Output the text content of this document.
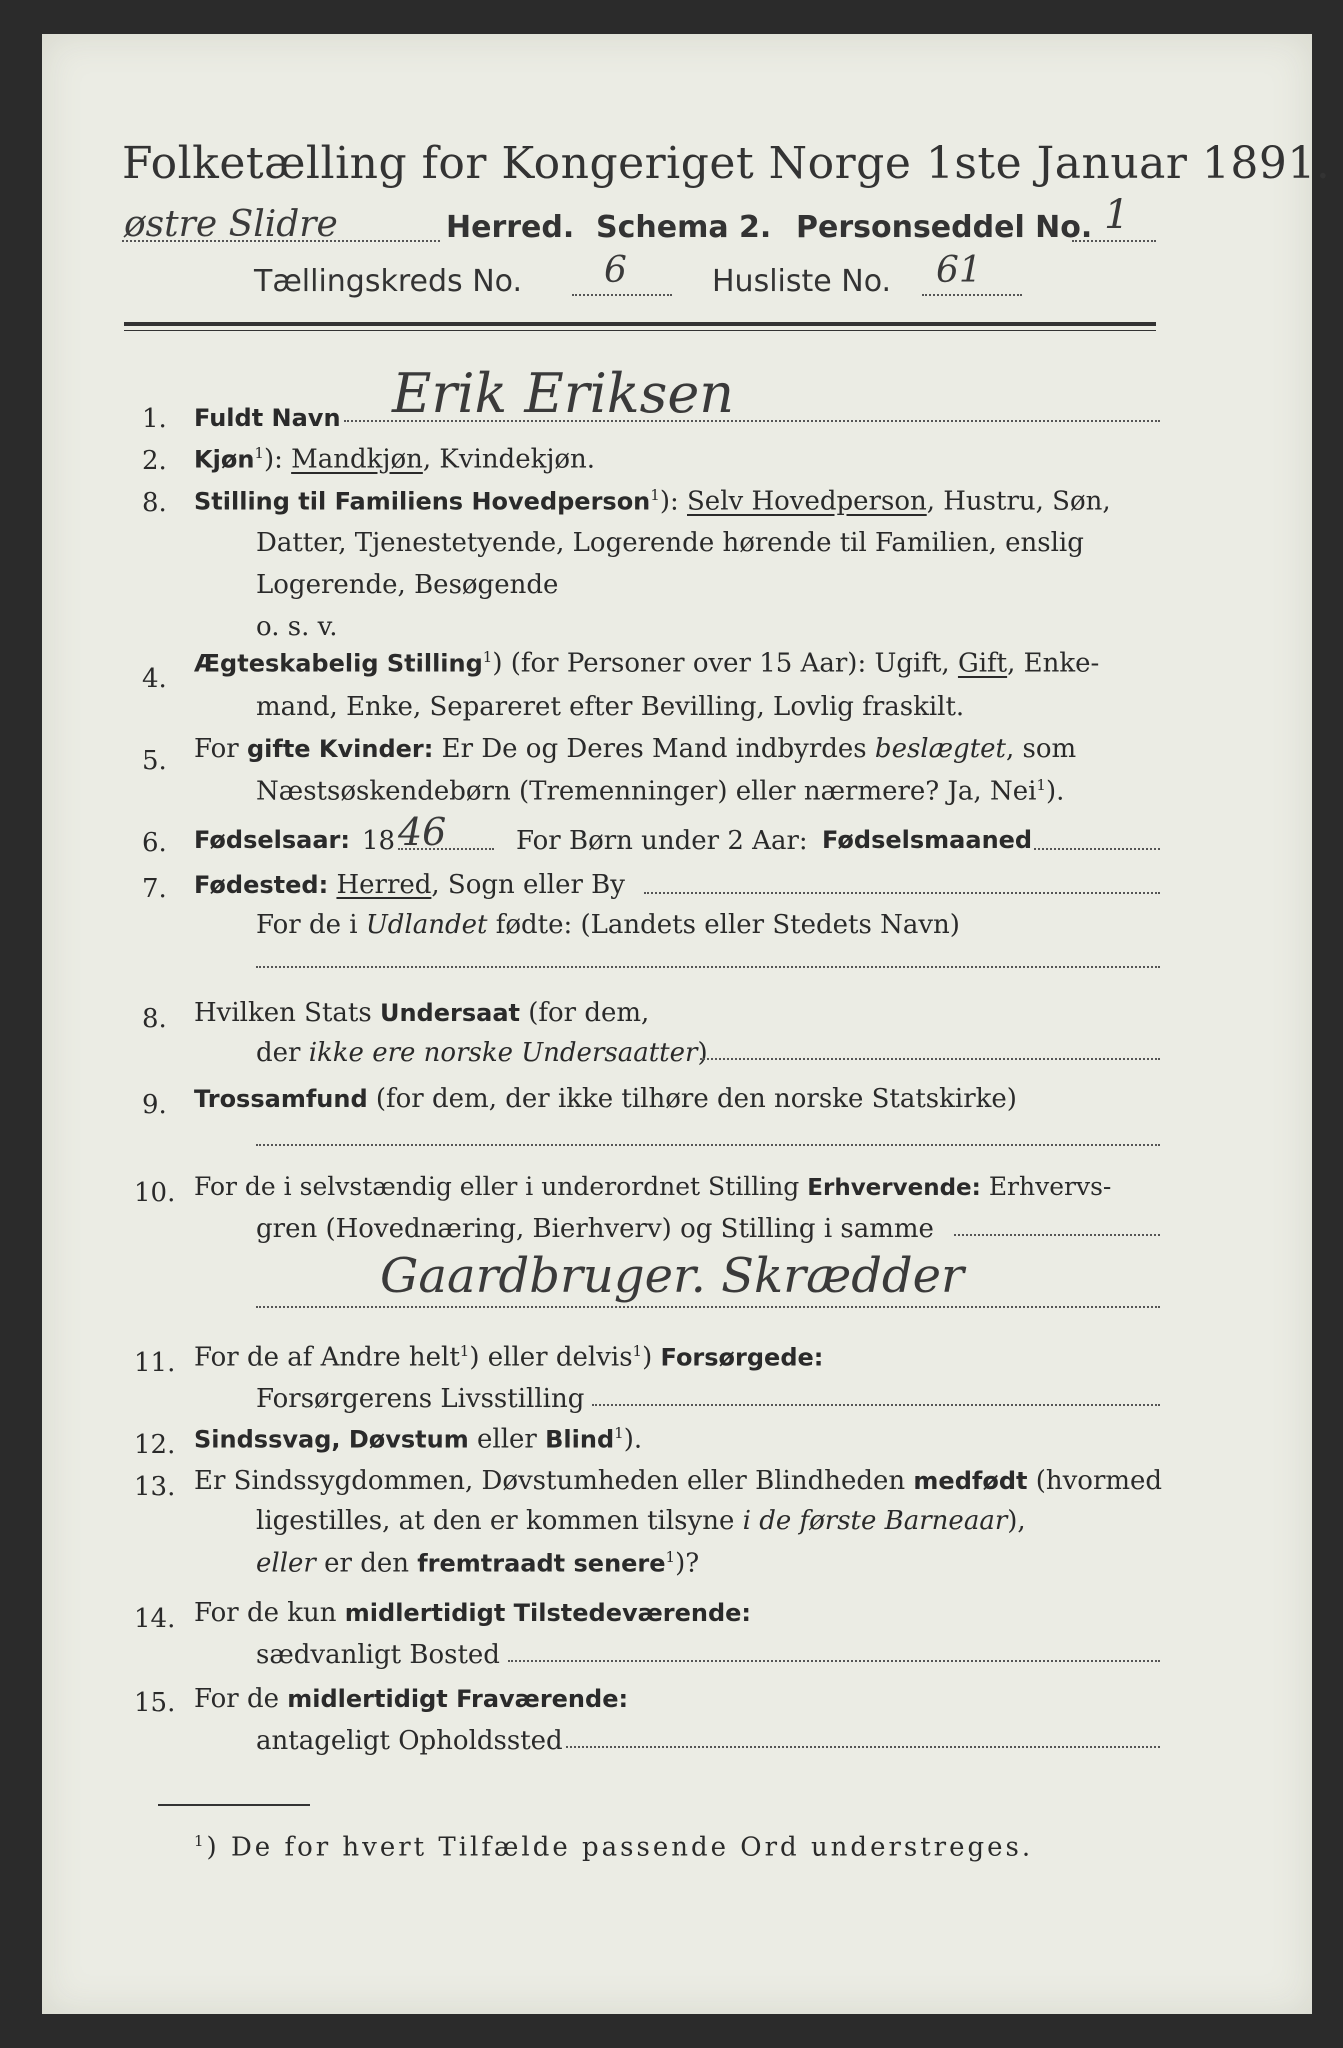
Folketælling for Kongeriget Norge 1ste Januar 1891.
østre Slidre	Herred. Schema 2. Personseddel No. 1
Tællingskreds No. 6	Husliste No. 61
1. Fuldt Navn Erik Eriksen
2. Kjøn$^1$): Mandkjøn, Kvindekjøn.
8. Stilling til Familiens Hovedperson$^1$): Selv Hovedperson, Hustru, Søn,
Datter, Tjenestetyende, Logerende hørende til Familien, enslig
Logerende, Besøgende
o. s. v.
4.
Ægteskabelig Stilling$^1$) (for Personer over 15 Aar): Ugift, Gift, Enke-
mand, Enke, Separeret efter Bevilling, Lovlig fraskilt.
5. For gifte Kvinder: Er De og Deres Mand indbyrdes beslægtet, som
Næstsøskendebørn (Tremenninger) eller nærmere? Ja, Nei$^1$).
6. Fødselsaar: 18 46	For Børn under 2 Aar: Fødselsmaaned
7. Fødested: Herred, Sogn eller By
For de i Udlandet fødte: (Landets eller Stedets Navn)
8. Hvilken Stats Undersaat (for dem,
der ikke ere norske Undersaatter)
9. Trossamfund (for dem, der ikke tilhøre den norske Statskirke)
10. For de i selvstændig eller i underordnet Stilling Erhvervende: Erhvervs-
gren (Hovednæring, Bierhverv) og Stilling i samme
Gaardbruger. Skrædder
11. For de af Andre helt$^1$) eller delvis$^1$) Forsørgede:
Forsørgerens Livsstilling
12. Sindssvag, Døvstum eller Blind$^1$).
13. Er Sindssygdommen, Døvstumheden eller Blindheden medfødt (hvormed
ligestilles, at den er kommen tilsyne i de første Barneaar),
eller er den fremtraadt senere$^1$)?
14. For de kun midlertidigt Tilstedeværende:
sædvanligt Bosted
15. For de midlertidigt Fraværende:
antageligt Opholdssted
$^1$) De for hvert Tilfælde passende Ord understreges.
